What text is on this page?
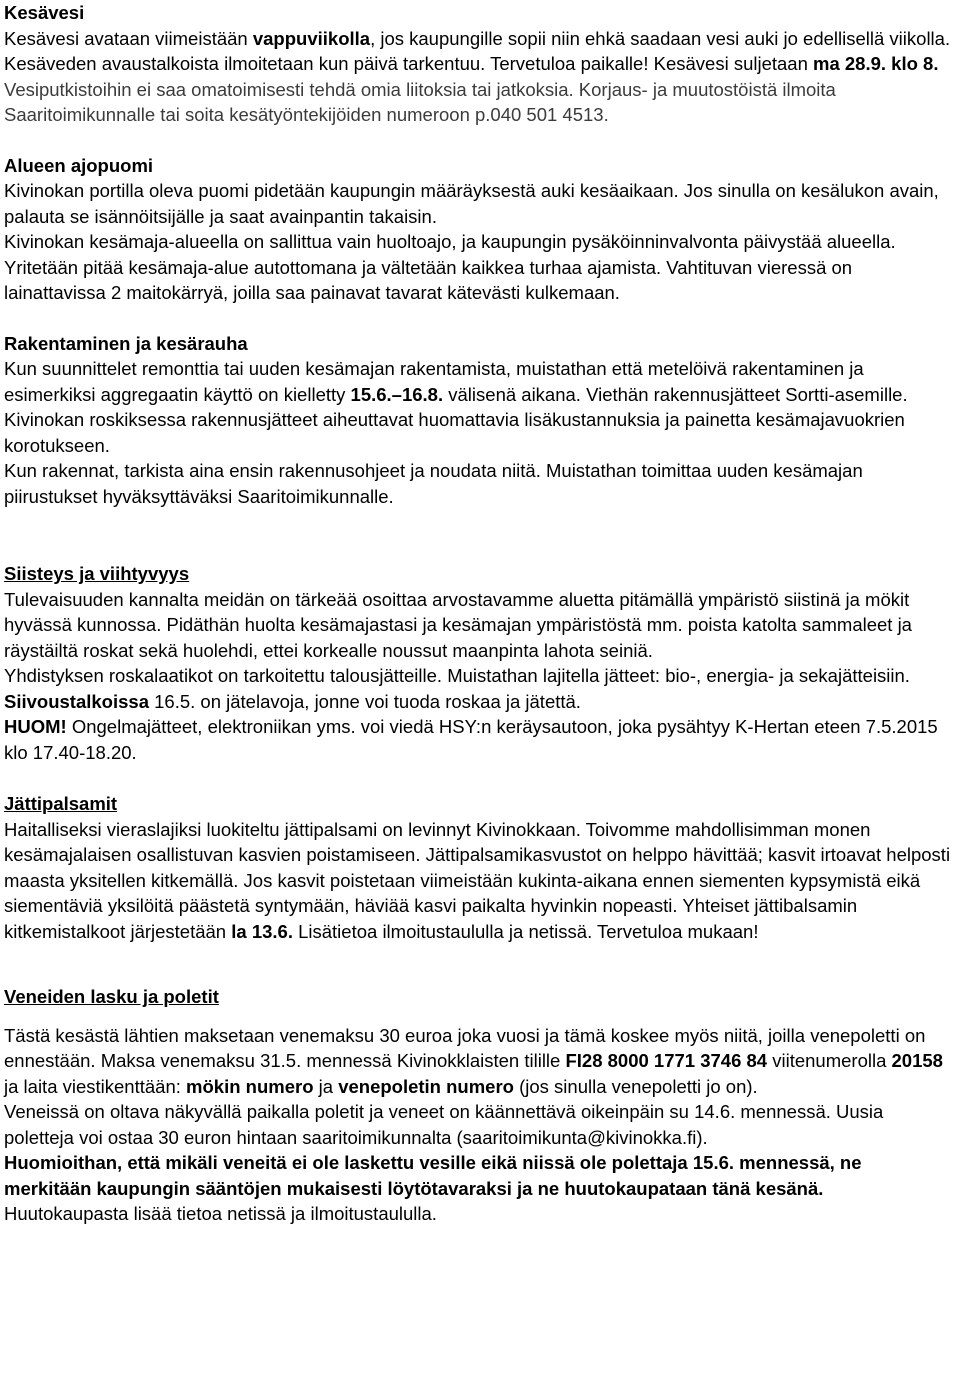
Kesävesi

Kesävesi avataan viimeistään vappuviikolla, jos kaupungille sopii niin ehkä saadaan vesi auki jo edellisellä viikolla. Kesäveden avaustalkoista ilmoitetaan kun päivä tarkentuu. Tervetuloa paikalle! Kesävesi suljetaan ma 28.9. klo 8.

Vesiputkistoihin ei saa omatoimisesti tehdä omia liitoksia tai jatkoksia. Korjaus- ja muutostöistä ilmoita Saaritoimikunnalle tai soita kesätyöntekijöiden numeroon p.040 501 4513.

Alueen ajopuomi

Kivinokan portilla oleva puomi pidetään kaupungin määräyksestä auki kesäaikaan. Jos sinulla on kesälukon avain, palauta se isännöitsijälle ja saat avainpantin takaisin.

Kivinokan kesämaja-alueella on sallittua vain huoltoajo, ja kaupungin pysäköinninvalvonta päivystää alueella. Yritetään pitää kesämaja-alue autottomana ja vältetään kaikkea turhaa ajamista. Vahtituvan vieressä on lainattavissa 2 maitokärryä, joilla saa painavat tavarat kätevästi kulkemaan.

Rakentaminen ja kesärauha

Kun suunnittelet remonttia tai uuden kesämajan rakentamista, muistathan että metelöivä rakentaminen ja esimerkiksi aggregaatin käyttö on kielletty 15.6.–16.8. välisenä aikana. Viethän rakennusjätteet Sortti-asemille. Kivinokan roskiksessa rakennusjätteet aiheuttavat huomattavia lisäkustannuksia ja painetta kesämajavuokrien korotukseen.

Kun rakennat, tarkista aina ensin rakennusohjeet ja noudata niitä. Muistathan toimittaa uuden kesämajan piirustukset hyväksyttäväksi Saaritoimikunnalle.

Siisteys ja viihtyvyys

Tulevaisuuden kannalta meidän on tärkeää osoittaa arvostavamme aluetta pitämällä ympäristö siistinä ja mökit hyvässä kunnossa. Pidäthän huolta kesämajastasi ja kesämajan ympäristöstä mm. poista katolta sammaleet ja räystäiltä roskat sekä huolehdi, ettei korkealle noussut maanpinta lahota seiniä.

Yhdistyksen roskalaatikot on tarkoitettu talousjätteille. Muistathan lajitella jätteet: bio-, energia- ja sekajätteisiin.

Siivoustalkoissa 16.5. on jätelavoja, jonne voi tuoda roskaa ja jätettä.

HUOM! Ongelmajätteet, elektroniikan yms. voi viedä HSY:n keräysautoon, joka pysähtyy K-Hertan eteen 7.5.2015 klo 17.40-18.20.

Jättipalsamit

Haitalliseksi vieraslajiksi luokiteltu jättipalsami on levinnyt Kivinokkaan. Toivomme mahdollisimman monen kesämajalaisen osallistuvan kasvien poistamiseen. Jättipalsamikasvustot on helppo hävittää; kasvit irtoavat helposti maasta yksitellen kitkemällä. Jos kasvit poistetaan viimeistään kukinta-aikana ennen siementen kypsymistä eikä siementäviä yksilöitä päästetä syntymään, häviää kasvi paikalta hyvinkin nopeasti. Yhteiset jättibalsamin kitkemistalkoot järjestetään la 13.6. Lisätietoa ilmoitustaululla ja netissä. Tervetuloa mukaan!

Veneiden lasku ja poletit

Tästä kesästä lähtien maksetaan venemaksu 30 euroa joka vuosi ja tämä koskee myös niitä, joilla venepoletti on ennestään. Maksa venemaksu 31.5. mennessä Kivinokklaisten tilille FI28 8000 1771 3746 84 viitenumerolla 20158 ja laita viestikenttään: mökin numero ja venepoletin numero (jos sinulla venepoletti jo on).

Veneissä on oltava näkyvällä paikalla poletit ja veneet on käännettävä oikeinpäin su 14.6. mennessä. Uusia poletteja voi ostaa 30 euron hintaan saaritoimikunnalta (saaritoimikunta@kivinokka.fi).

Huomioithan, että mikäli veneitä ei ole laskettu vesille eikä niissä ole polettaja 15.6. mennessä, ne merkitään kaupungin sääntöjen mukaisesti löytötavaraksi ja ne huutokaupataan tänä kesänä. Huutokaupasta lisää tietoa netissä ja ilmoitustaululla.
